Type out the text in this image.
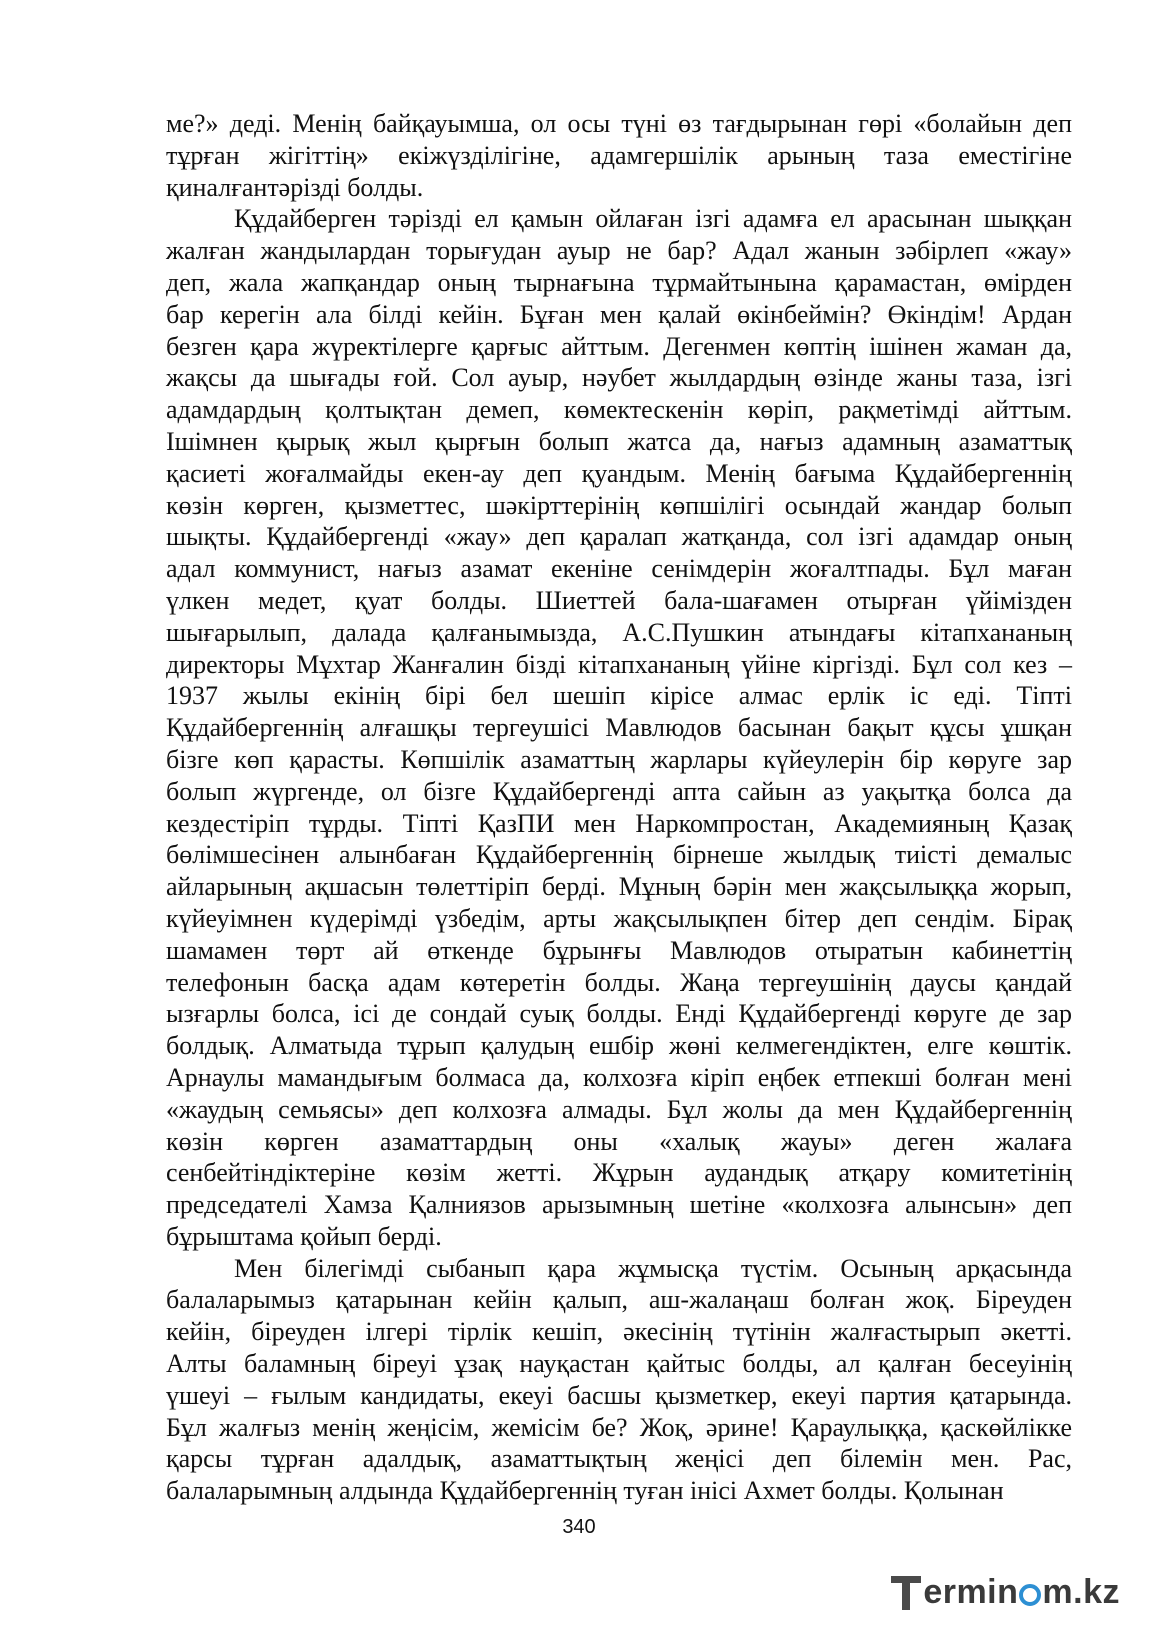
ме?» деді. Менің байқауымша, ол осы түні өз тағдырынан гөрі «болайын деп
тұрған жігіттің» екіжүзділігіне, адамгершілік арының таза еместігіне
қиналғантәрізді болды.
Құдайберген тәрізді ел қамын ойлаған ізгі адамға ел арасынан шыққан
жалған жандылардан торығудан ауыр не бар? Адал жанын зәбірлеп «жау»
деп, жала жапқандар оның тырнағына тұрмайтынына қарамастан, өмірден
бар керегін ала білді кейін. Бұған мен қалай өкінбеймін? Өкіндім! Ардан
безген қара жүректілерге қарғыс айттым. Дегенмен көптің ішінен жаман да,
жақсы да шығады ғой. Сол ауыр, нәубет жылдардың өзінде жаны таза, ізгі
адамдардың қолтықтан демеп, көмектескенін көріп, рақметімді айттым.
Ішімнен қырық жыл қырғын болып жатса да, нағыз адамның азаматтық
қасиеті жоғалмайды екен-ау деп қуандым. Менің бағыма Құдайбергеннің
көзін көрген, қызметтес, шәкірттерінің көпшілігі осындай жандар болып
шықты. Құдайбергенді «жау» деп қаралап жатқанда, сол ізгі адамдар оның
адал коммунист, нағыз азамат екеніне сенімдерін жоғалтпады. Бұл маған
үлкен медет, қуат болды. Шиеттей бала-шағамен отырған үйімізден
шығарылып, далада қалғанымызда, А.С.Пушкин атындағы кітапхананың
директоры Мұхтар Жанғалин бізді кітапхананың үйіне кіргізді. Бұл сол кез –
1937 жылы екінің бірі бел шешіп кірісе алмас ерлік іс еді. Тіпті
Құдайбергеннің алғашқы тергеушісі Мавлюдов басынан бақыт құсы ұшқан
бізге көп қарасты. Көпшілік азаматтың жарлары күйеулерін бір көруге зар
болып жүргенде, ол бізге Құдайбергенді апта сайын аз уақытқа болса да
кездестіріп тұрды. Тіпті ҚазПИ мен Наркомпростан, Академияның Қазақ
бөлімшесінен алынбаған Құдайбергеннің бірнеше жылдық тиісті демалыс
айларының ақшасын төлеттіріп берді. Мұның бәрін мен жақсылыққа жорып,
күйеуімнен күдерімді үзбедім, арты жақсылықпен бітер деп сендім. Бірақ
шамамен төрт ай өткенде бұрынғы Мавлюдов отыратын кабинеттің
телефонын басқа адам көтеретін болды. Жаңа тергеушінің даусы қандай
ызғарлы болса, ісі де сондай суық болды. Енді Құдайбергенді көруге де зар
болдық. Алматыда тұрып қалудың ешбір жөні келмегендіктен, елге көштік.
Арнаулы мамандығым болмаса да, колхозға кіріп еңбек етпекші болған мені
«жаудың семьясы» деп колхозға алмады. Бұл жолы да мен Құдайбергеннің
көзін көрген азаматтардың оны «халық жауы» деген жалаға
сенбейтіндіктеріне көзім жетті. Жұрын аудандық атқару комитетінің
председателі Хамза Қалниязов арызымның шетіне «колхозға алынсын» деп
бұрыштама қойып берді.
Мен білегімді сыбанып қара жұмысқа түстім. Осының арқасында
балаларымыз қатарынан кейін қалып, аш-жалаңаш болған жоқ. Біреуден
кейін, біреуден ілгері тірлік кешіп, әкесінің түтінін жалғастырып әкетті.
Алты баламның біреуі ұзақ науқастан қайтыс болды, ал қалған бесеуінің
үшеуі – ғылым кандидаты, екеуі басшы қызметкер, екеуі партия қатарында.
Бұл жалғыз менің жеңісім, жемісім бе? Жоқ, әрине! Қараулыққа, қаскөйлікке
қарсы тұрған адалдық, азаматтықтың жеңісі деп білемін мен. Рас,
балаларымның алдында Құдайбергеннің туған інісі Ахмет болды. Қолынан
340
ermin m.kz
